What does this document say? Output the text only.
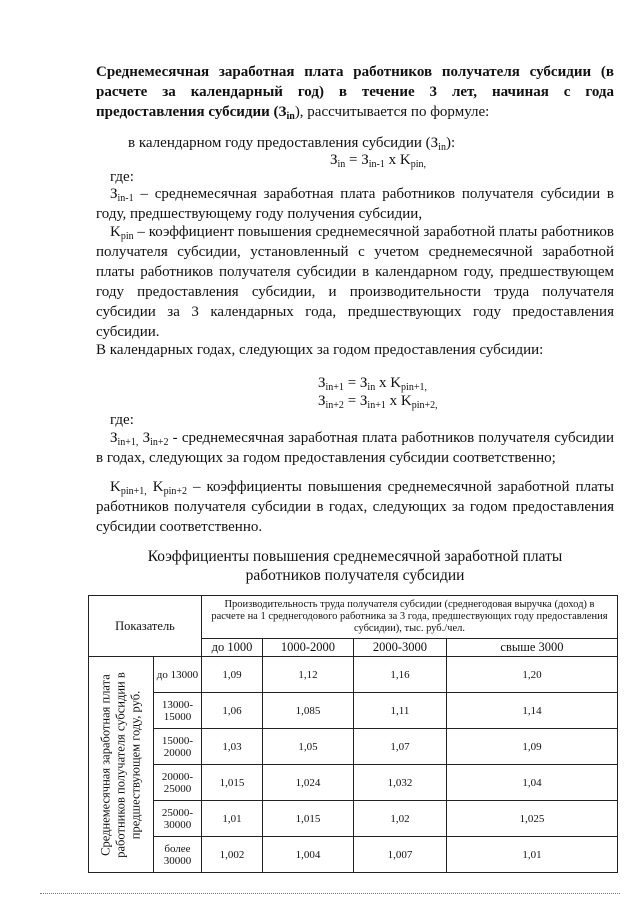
Среднемесячная заработная плата работников получателя субсидии (в расчете за календарный год) в течение 3 лет, начиная с года предоставления субсидии $(З_{in})$, рассчитывается по формуле:
в календарном году предоставления субсидии $(З_{in})$:
$З_{in} = З_{in-1}$ х $K_{pin,}$
где:
$З_{in-1}$ – среднемесячная заработная плата работников получателя субсидии в году, предшествующему году получения субсидии,
$K_{pin}$ – коэффициент повышения среднемесячной заработной платы работников получателя субсидии, установленный с учетом среднемесячной заработной платы работников получателя субсидии в календарном году, предшествующем году предоставления субсидии, и производительности труда получателя субсидии за 3 календарных года, предшествующих году предоставления субсидии.
В календарных годах, следующих за годом предоставления субсидии:
$З_{in+1} = З_{in}$ х $K_{pin+1,}$
$З_{in+2} = З_{in+1}$ х $K_{pin+2,}$
где:
$З_{in+1,}$ $З_{in+2}$ - среднемесячная заработная плата работников получателя субсидии в годах, следующих за годом предоставления субсидии соответственно;
$K_{pin+1,}$ $K_{pin+2}$ – коэффициенты повышения среднемесячной заработной платы работников получателя субсидии в годах, следующих за годом предоставления субсидии соответственно.
Коэффициенты повышения среднемесячной заработной платы
работников получателя субсидии
Показатель		Производительность труда получателя субсидии (среднегодовая выручка (доход) в расчете на 1 среднегодового работника за 3 года, предшествующих году предоставления субсидии), тыс. руб./чел.			
		до 1000	1000-2000	2000-3000	свыше 3000

Среднемесячная заработная плата работников получателя субсидии в предшествующем году, руб.	до 13000	1,09	1,12	1,16	1,20
	13000-15000	1,06	1,085	1,11	1,14
	15000-20000	1,03	1,05	1,07	1,09
	20000-25000	1,015	1,024	1,032	1,04
	25000-30000	1,01	1,015	1,02	1,025
	более 30000	1,002	1,004	1,007	1,01
